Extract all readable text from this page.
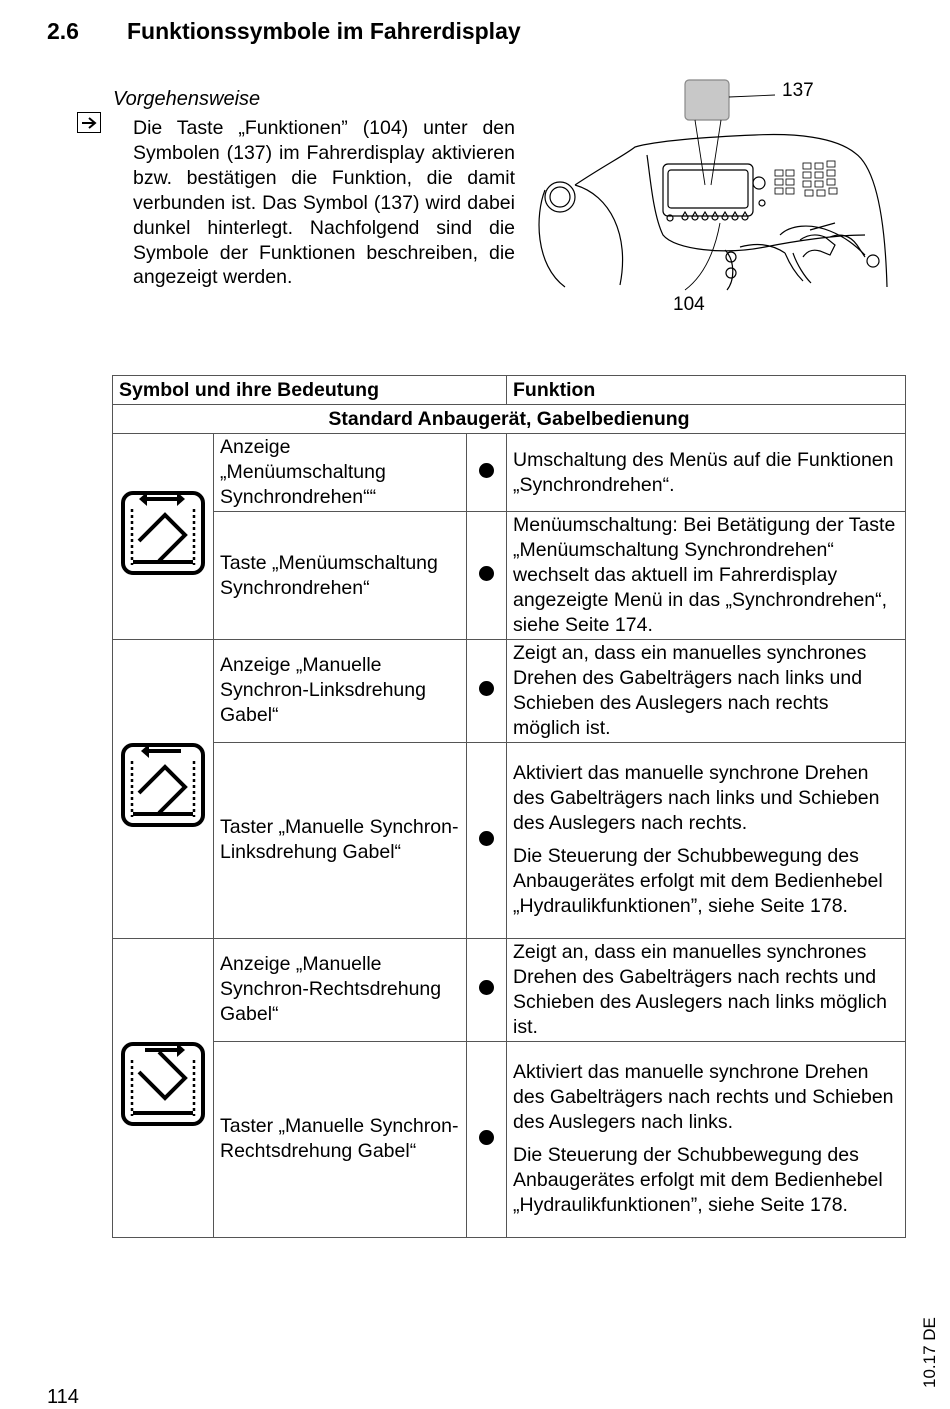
2.6 Funktionssymbole im Fahrerdisplay
Vorgehensweise
Die Taste „Funktionen” (104) unter den Symbolen (137) im Fahrerdisplay aktivieren bzw. bestätigen die Funktion, die damit verbunden ist. Das Symbol (137) wird dabei dunkel hinterlegt. Nachfolgend sind die Symbole der Funktionen beschreiben, die angezeigt werden.
137
104
Symbol und ihre Bedeutung			Funktion
Standard Anbaugerät, Gabelbedienung			
	Anzeige „Menüumschaltung Synchrondrehen““		Umschaltung des Menüs auf die Funktionen „Synchrondrehen“.
	Taste „Menüumschaltung Synchrondrehen“		Menüumschaltung: Bei Betätigung der Taste „Menüumschaltung Synchrondrehen“ wechselt das aktuell im Fahrerdisplay angezeigte Menü in das „Synchrondrehen“, siehe Seite 174.
	Anzeige „Manuelle Synchron-Linksdrehung Gabel“		Zeigt an, dass ein manuelles synchrones Drehen des Gabelträgers nach links und Schieben des Auslegers nach rechts möglich ist.
	Taster „Manuelle Synchron-Linksdrehung Gabel“		Aktiviert das manuelle synchrone Drehen des Gabelträgers nach links und Schieben des Auslegers nach rechts.
Die Steuerung der Schubbewegung des Anbaugerätes erfolgt mit dem Bedienhebel „Hydraulikfunktionen”, siehe Seite 178.

	Anzeige „Manuelle Synchron-Rechtsdrehung Gabel“		Zeigt an, dass ein manuelles synchrones Drehen des Gabelträgers nach rechts und Schieben des Auslegers nach links möglich ist.
	Taster „Manuelle Synchron-Rechtsdrehung Gabel“		Aktiviert das manuelle synchrone Drehen des Gabelträgers nach rechts und Schieben des Auslegers nach links.
Die Steuerung der Schubbewegung des Anbaugerätes erfolgt mit dem Bedienhebel „Hydraulikfunktionen”, siehe Seite 178.
114
10.17 DE
